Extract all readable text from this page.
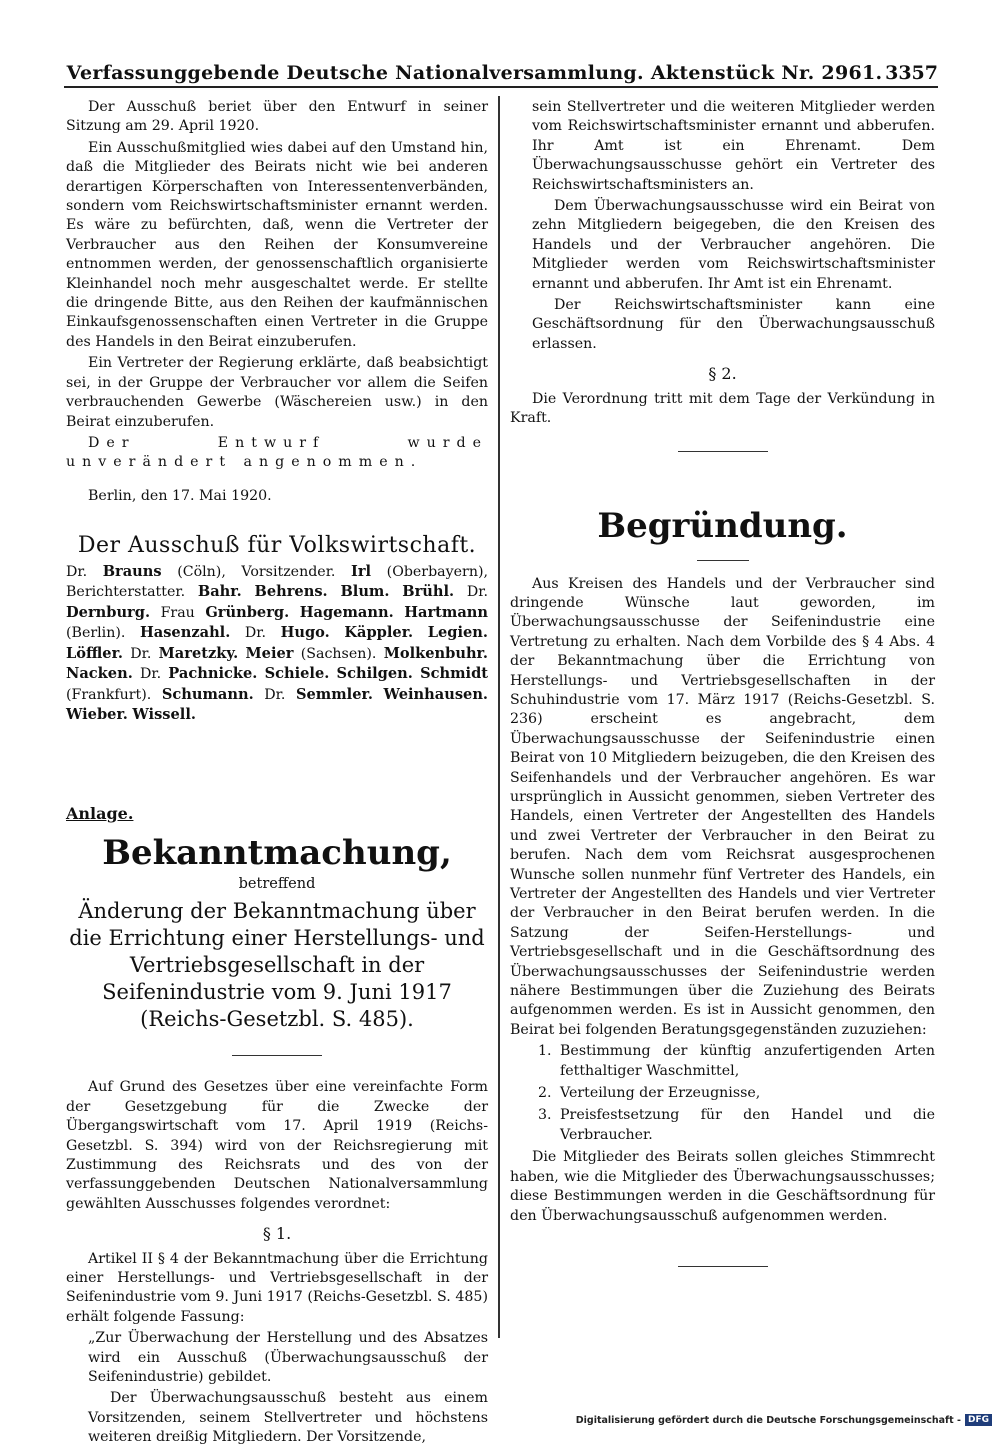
Verfassunggebende Deutsche Nationalversammlung. Aktenstück Nr. 2961. 3357

Der Ausschuß beriet über den Entwurf in seiner Sitzung am 29. April 1920.

Ein Ausschußmitglied wies dabei auf den Umstand hin, daß die Mitglieder des Beirats nicht wie bei anderen derartigen Körperschaften von Interessentenverbänden, sondern vom Reichswirtschaftsminister ernannt werden. Es wäre zu befürchten, daß, wenn die Vertreter der Verbraucher aus den Reihen der Konsumvereine entnommen werden, der genossenschaftlich organisierte Kleinhandel noch mehr ausgeschaltet werde. Er stellte die dringende Bitte, aus den Reihen der kaufmännischen Einkaufsgenossenschaften einen Vertreter in die Gruppe des Handels in den Beirat einzuberufen.

Ein Vertreter der Regierung erklärte, daß beabsichtigt sei, in der Gruppe der Verbraucher vor allem die Seifen verbrauchenden Gewerbe (Wäschereien usw.) in den Beirat einzuberufen.

Der Entwurf wurde unverändert angenommen.

Berlin, den 17. Mai 1920.

Der Ausschuß für Volkswirtschaft.
Dr. Brauns (Cöln), Vorsitzender. Irl (Oberbayern), Berichterstatter. Bahr. Behrens. Blum. Brühl. Dr. Dernburg. Frau Grünberg. Hagemann. Hartmann (Berlin). Hasenzahl. Dr. Hugo. Käppler. Legien. Löffler. Dr. Maretzky. Meier (Sachsen). Molkenbuhr. Nacken. Dr. Pachnicke. Schiele. Schilgen. Schmidt (Frankfurt). Schumann. Dr. Semmler. Weinhausen. Wieber. Wissell.
Anlage.
Bekanntmachung,
betreffend
Änderung der Bekanntmachung über die Errichtung einer Herstellungs- und Vertriebsgesellschaft in der Seifenindustrie vom 9. Juni 1917 (Reichs-Gesetzbl. S. 485).

Auf Grund des Gesetzes über eine vereinfachte Form der Gesetzgebung für die Zwecke der Übergangswirtschaft vom 17. April 1919 (Reichs-Gesetzbl. S. 394) wird von der Reichsregierung mit Zustimmung des Reichsrats und des von der verfassunggebenden Deutschen Nationalversammlung gewählten Ausschusses folgendes verordnet:

§ 1.

Artikel II § 4 der Bekanntmachung über die Errichtung einer Herstellungs- und Vertriebsgesellschaft in der Seifenindustrie vom 9. Juni 1917 (Reichs-Gesetzbl. S. 485) erhält folgende Fassung:

„Zur Überwachung der Herstellung und des Absatzes wird ein Ausschuß (Überwachungsausschuß der Seifenindustrie) gebildet.

Der Überwachungsausschuß besteht aus einem Vorsitzenden, seinem Stellvertreter und höchstens weiteren dreißig Mitgliedern. Der Vorsitzende,

sein Stellvertreter und die weiteren Mitglieder werden vom Reichswirtschaftsminister ernannt und abberufen. Ihr Amt ist ein Ehrenamt. Dem Überwachungsausschusse gehört ein Vertreter des Reichswirtschaftsministers an.

Dem Überwachungsausschusse wird ein Beirat von zehn Mitgliedern beigegeben, die den Kreisen des Handels und der Verbraucher angehören. Die Mitglieder werden vom Reichswirtschaftsminister ernannt und abberufen. Ihr Amt ist ein Ehrenamt.

Der Reichswirtschaftsminister kann eine Geschäftsordnung für den Überwachungsausschuß erlassen.

§ 2.

Die Verordnung tritt mit dem Tage der Verkündung in Kraft.

Begründung.

Aus Kreisen des Handels und der Verbraucher sind dringende Wünsche laut geworden, im Überwachungsausschusse der Seifenindustrie eine Vertretung zu erhalten. Nach dem Vorbilde des § 4 Abs. 4 der Bekanntmachung über die Errichtung von Herstellungs- und Vertriebsgesellschaften in der Schuhindustrie vom 17. März 1917 (Reichs-Gesetzbl. S. 236) erscheint es angebracht, dem Überwachungsausschusse der Seifenindustrie einen Beirat von 10 Mitgliedern beizugeben, die den Kreisen des Seifenhandels und der Verbraucher angehören. Es war ursprünglich in Aussicht genommen, sieben Vertreter des Handels, einen Vertreter der Angestellten des Handels und zwei Vertreter der Verbraucher in den Beirat zu berufen. Nach dem vom Reichsrat ausgesprochenen Wunsche sollen nunmehr fünf Vertreter des Handels, ein Vertreter der Angestellten des Handels und vier Vertreter der Verbraucher in den Beirat berufen werden. In die Satzung der Seifen-Herstellungs- und Vertriebsgesellschaft und in die Geschäftsordnung des Überwachungsausschusses der Seifenindustrie werden nähere Bestimmungen über die Zuziehung des Beirats aufgenommen werden. Es ist in Aussicht genommen, den Beirat bei folgenden Beratungsgegenständen zuzuziehen:

1. Bestimmung der künftig anzufertigenden Arten fetthaltiger Waschmittel,
2. Verteilung der Erzeugnisse,
3. Preisfestsetzung für den Handel und die Verbraucher.

Die Mitglieder des Beirats sollen gleiches Stimmrecht haben, wie die Mitglieder des Überwachungsausschusses; diese Bestimmungen werden in die Geschäftsordnung für den Überwachungsausschuß aufgenommen werden.

Digitalisierung gefördert durch die Deutsche Forschungsgemeinschaft - DFG
